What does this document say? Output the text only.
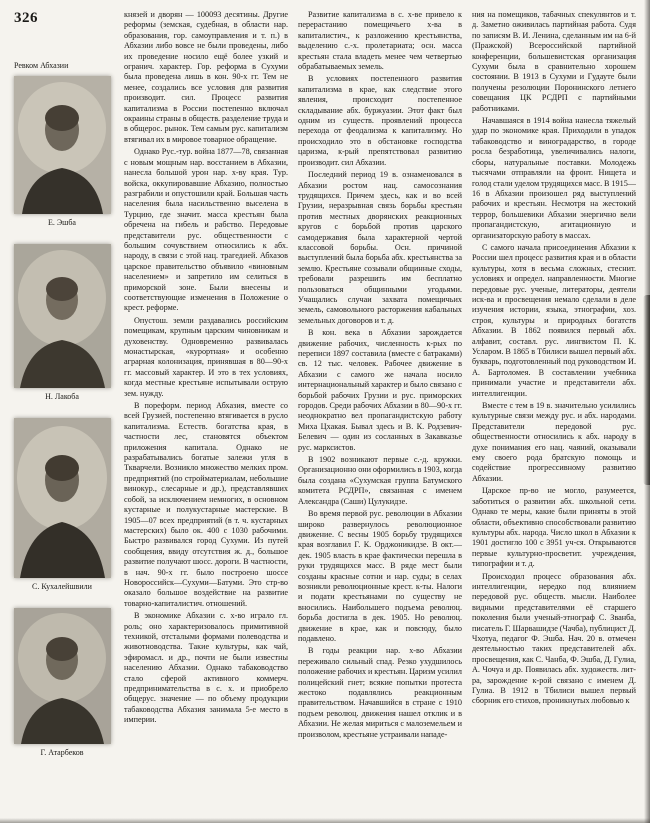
326
Ревком Абхазии
Е. Эшба
Н. Лакоба
С. Кухалейшвили
Г. Атарбеков

князей и дворян — 100093 десятины. Другие реформы (земская, судебная, в области нар. образования, гор. самоуправления и т. п.) в Абхазии либо вовсе не были проведены, либо их проведение носило ещё более узкий и огранич. характер. Гор. реформа в Сухуми была проведена лишь в кон. 90-х гг. Тем не менее, создались все условия для развития производит. сил. Процесс развития капитализма в России постепенно включал окраины страны в обществ. разделение труда и в общерос. рынок. Тем самым рус. капитализм втягивал их в мировое товарное обращение.

Однако Рус.-тур. война 1877—78, связанная с новым мощным нар. восстанием в Абхазии, нанесла большой урон нар. х-ву края. Тур. войска, оккупировавшие Абхазию, полностью разграбили и опустошили край. Большая часть населения была насильственно выселена в Турцию, где значит. масса крестьян была обречена на гибель и рабство. Передовые представители рус. общественности с большим сочувствием относились к абх. народу, в связи с этой нац. трагедией. Абхазов царское правительство объявило «виновным населением» и запретило им селиться в приморской зоне. Были внесены и соответствующие изменения в Положение о крест. реформе.

Опустош. земли раздавались российским помещикам, крупным царским чиновникам и духовенству. Одновременно развивалась монастырская, «курортная» и особенно аграрная колонизация, принявшая в 80—90-х гг. массовый характер. И это в тех условиях, когда местные крестьяне испытывали острую зем. нужду.

В пореформ. период Абхазия, вместе со всей Грузией, постепенно втягивается в русло капитализма. Естеств. богатства края, в частности лес, становятся объектом приложения капитала. Однако не разрабатывались богатые залежи угля в Ткварчели. Возникло множество мелких пром. предприятий (по стройматериалам, небольшие винокур., слесарные и др.), представлявших собой, за исключением немногих, в основном кустарные и полукустарные мастерские. В 1905—07 всех предприятий (в т. ч. кустарных мастерских) было ок. 400 с 1030 рабочими. Быстро развивался город Сухуми. Из путей сообщения, ввиду отсутствия ж. д., большое развитие получают шосс. дороги. В частности, в нач. 90-х гг. было построено шоссе Новороссийск—Сухуми—Батуми. Это стр-во оказало большое воздействие на развитие товарно-капиталистич. отношений.

В экономике Абхазии с. х-во играло гл. роль; оно характеризовалось примитивной техникой, отсталыми формами полеводства и животноводства. Такие культуры, как чай, эфиромасл. и др., почти не были известны населению Абхазии. Однако табаководство стало сферой активного коммерч. предпринимательства в с. х. и приобрело общерус. значение — по объему продукции табаководства Абхазия занимала 5-е место в империи.

Развитие капитализма в с. х-ве привело к перерастанию помещичьего х-ва в капиталистич., к разложению крестьянства, выделению с.-х. пролетариата; осн. масса крестьян стала владеть менее чем четвертью обрабатываемых земель.

В условиях постепенного развития капитализма в крае, как следствие этого явления, происходит постепенное складывание абх. буржуазии. Этот факт был одним из существ. проявлений процесса перехода от феодализма к капитализму. Но происходило это в обстановке господства царизма, к-рый препятствовал развитию производит. сил Абхазии.

Последний период 19 в. ознаменовался в Абхазии ростом нац. самосознания трудящихся. Причем здесь, как и во всей Грузии, неразрывная связь борьбы крестьян против местных дворянских реакционных кругов с борьбой против царского самодержавия была характерной чертой классовой борьбы. Осн. причиной выступлений была борьба абх. крестьянства за землю. Крестьяне созывали общинные сходы, требовали разрешить им бесплатно пользоваться общинными угодьями. Учащались случаи захвата помещичьих земель, самовольного расторжения кабальных земельных договоров и т. д.

В кон. века в Абхазии зарождается движение рабочих, численность к-рых по переписи 1897 составила (вместе с батраками) св. 12 тыс. человек. Рабочее движение в Абхазии с самого же начала носило интернациональный характер и было связано с борьбой рабочих Грузии и рус. приморских городов. Среди рабочих Абхазии в 80—90-х гг. неоднократно вел пропагандистскую работу Миха Цхакая. Бывал здесь и В. К. Родзевич-Белевич — один из сосланных в Закавказье рус. марксистов.

В 1902 возникают первые с.-д. кружки. Организационно они оформились в 1903, когда была создана «Сухумская группа Батумского комитета РСДРП», связанная с именем Александра (Саши) Цулукидзе.

Во время первой рус. революции в Абхазии широко развернулось революционное движение. С весны 1905 борьбу трудящихся края возглавил Г. К. Орджоникидзе. В окт.—дек. 1905 власть в крае фактически перешла в руки трудящихся масс. В ряде мест были созданы красные сотни и нар. суды; в селах возникли революционные крест. к-ты. Налоги и подати крестьянами по существу не вносились. Наибольшего подъема революц. борьба достигла в дек. 1905. Но революц. движение в крае, как и повсюду, было подавлено.

В годы реакции нар. х-во Абхазии переживало сильный спад. Резко ухудшилось положение рабочих и крестьян. Царизм усилил полицейский гнет; всякие попытки протеста жестоко подавлялись реакционным правительством. Начавшийся в стране с 1910 подъем революц. движения нашел отклик и в Абхазии. Не желая мириться с малоземельем и произволом, крестьяне устраивали нападе-

ния на помещиков, табачных спекулянтов и т. д. Заметно оживилась партийная работа. Судя по записям В. И. Ленина, сделанным им на 6-й (Пражской) Всероссийской партийной конференции, большевистская организация Сухуми была в сравнительно хорошем состоянии. В 1913 в Сухуми и Гудауте были получены резолюции Поронинского летнего совещания ЦК РСДРП с партийными работниками.

Начавшаяся в 1914 война нанесла тяжелый удар по экономике края. Приходили в упадок табаководство и виноградарство, в городе росла безработица, увеличивались налоги, сборы, натуральные поставки. Молодежь тысячами отправляли на фронт. Нищета и голод стали уделом трудящихся масс. В 1915—16 в Абхазии произошел ряд выступлений рабочих и крестьян. Несмотря на жестокий террор, большевики Абхазии энергично вели пропагандистскую, агитационную и организаторскую работу в массах.

С самого начала присоединения Абхазии к России шел процесс развития края и в области культуры, хотя в весьма сложных, стеснит. условиях и определ. направленности. Многие передовые рус. ученые, литераторы, деятели иск-ва и просвещения немало сделали в деле изучения истории, языка, этнографии, хоз. строя, культуры и природных богатств Абхазии. В 1862 появился первый абх. алфавит, составл. рус. лингвистом П. К. Усларом. В 1865 в Тбилиси вышел первый абх. букварь, подготовленный под руководством И. А. Бартоломея. В составлении учебника принимали участие и представители абх. интеллигенции.

Вместе с тем в 19 в. значительно усилились культурные связи между рус. и абх. народами. Представители передовой рус. общественности относились к абх. народу в духе понимания его нац. чаяний, оказывали ему своего рода братскую помощь и содействие прогрессивному развитию Абхазии.

Царское пр-во не могло, разумеется, заботиться о развитии абх. школьной сети. Однако те меры, какие были приняты в этой области, объективно способствовали развитию культуры абх. народа. Число школ в Абхазии к 1901 достигло 100 с 3951 уч-ся. Открываются первые культурно-просветит. учреждения, типографии и т. д.

Происходил процесс образования абх. интеллигенции, нередко под влиянием передовой рус. обществ. мысли. Наиболее видными представителями её старшего поколения были ученый-этнограф С. Званба, писатель Г. Шарвашидзе (Чачба), публицист Д. Чхотуа, педагог Ф. Эшба. Нач. 20 в. отмечен деятельностью таких представителей абх. просвещения, как С. Чанба, Ф. Эшба, Д. Гулиа, А. Чочуа и др. Появилась абх. художеств. лит-ра, зарождение к-рой связано с именем Д. Гулиа. В 1912 в Тбилиси вышел первый сборник его стихов, проникнутых любовью к
